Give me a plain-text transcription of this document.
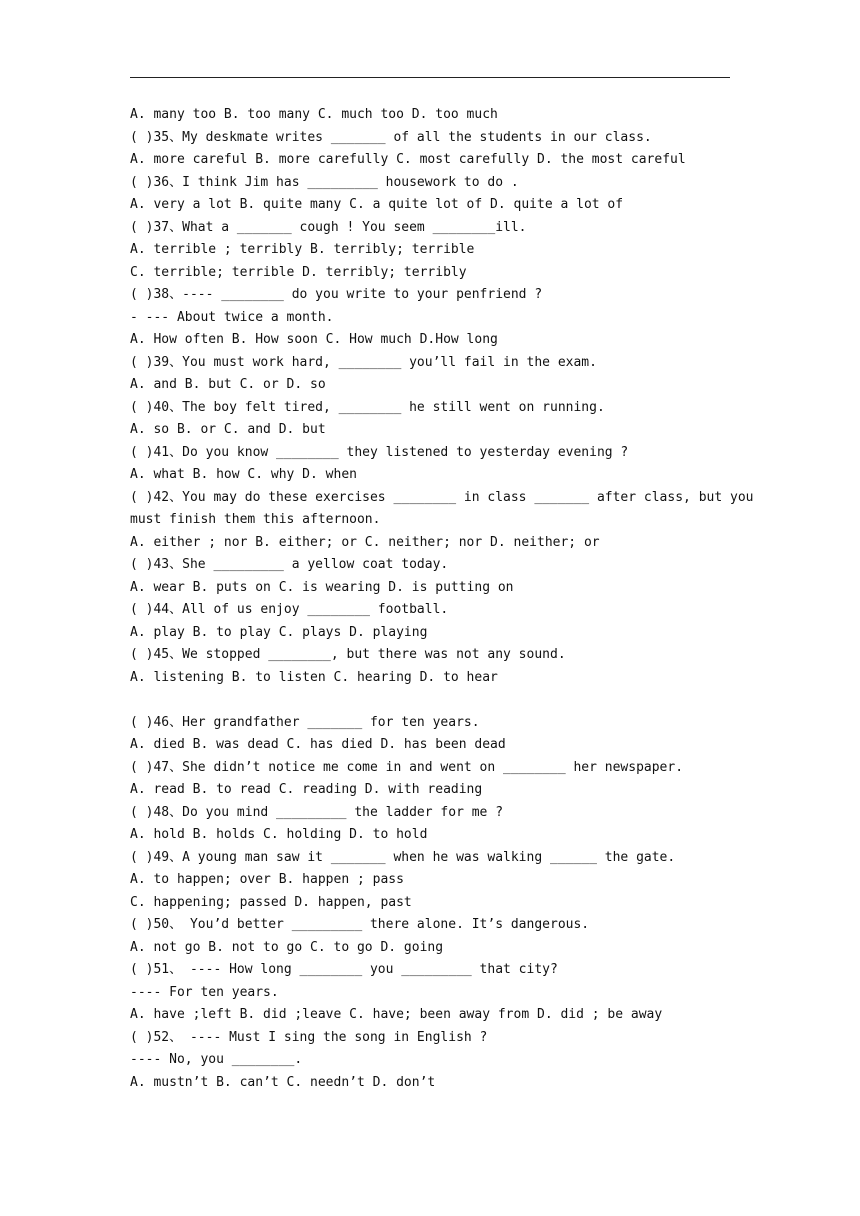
A. many too B. too many C. much too D. too much
( )35、My deskmate writes _______ of all the students in our class.
A. more careful B. more carefully C. most carefully D. the most careful
( )36、I think Jim has _________ housework to do .
A. very a lot B. quite many C. a quite lot of D. quite a lot of
( )37、What a _______ cough ! You seem ________ill.
A. terrible ; terribly B. terribly; terrible
C. terrible; terrible D. terribly; terribly
( )38、---- ________ do you write to your penfriend ?
- --- About twice a month.
A. How often B. How soon C. How much D.How long
( )39、You must work hard, ________ you’ll fail in the exam.
A. and B. but C. or D. so
( )40、The boy felt tired, ________ he still went on running.
A. so B. or C. and D. but
( )41、Do you know ________ they listened to yesterday evening ?
A. what B. how C. why D. when
( )42、You may do these exercises ________ in class _______ after class, but you
must finish them this afternoon.
A. either ; nor B. either; or C. neither; nor D. neither; or
( )43、She _________ a yellow coat today.
A. wear B. puts on C. is wearing D. is putting on
( )44、All of us enjoy ________ football.
A. play B. to play C. plays D. playing
( )45、We stopped ________, but there was not any sound.
A. listening B. to listen C. hearing D. to hear
( )46、Her grandfather _______ for ten years.
A. died B. was dead C. has died D. has been dead
( )47、She didn’t notice me come in and went on ________ her newspaper.
A. read B. to read C. reading D. with reading
( )48、Do you mind _________ the ladder for me ?
A. hold B. holds C. holding D. to hold
( )49、A young man saw it _______ when he was walking ______ the gate.
A. to happen; over B. happen ; pass
C. happening; passed D. happen, past
( )50、 You’d better _________ there alone. It’s dangerous.
A. not go B. not to go C. to go D. going
( )51、 ---- How long ________ you _________ that city?
---- For ten years.
A. have ;left B. did ;leave C. have; been away from D. did ; be away
( )52、 ---- Must I sing the song in English ?
---- No, you ________.
A. mustn’t B. can’t C. needn’t D. don’t
